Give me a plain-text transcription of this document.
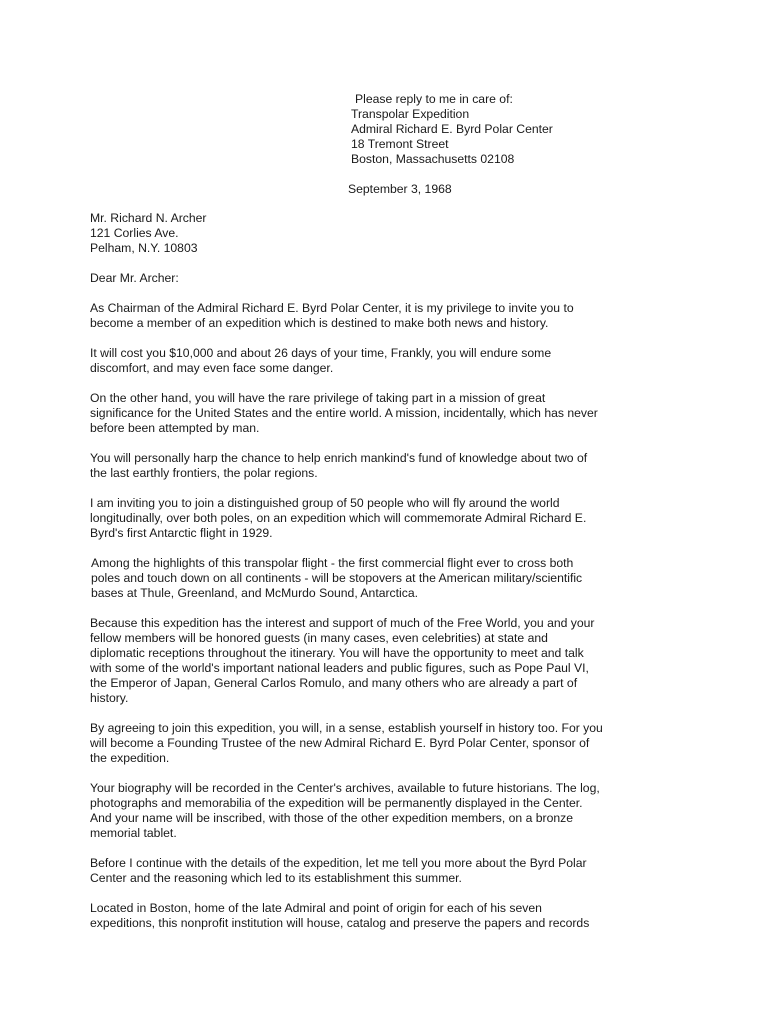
Please reply to me in care of:
Transpolar Expedition
Admiral Richard E. Byrd Polar Center
18 Tremont Street
Boston, Massachusetts 02108
September 3, 1968
Mr. Richard N. Archer
121 Corlies Ave.
Pelham, N.Y. 10803
Dear Mr. Archer:

As Chairman of the Admiral Richard E. Byrd Polar Center, it is my privilege to invite you to
become a member of an expedition which is destined to make both news and history.

It will cost you $10,000 and about 26 days of your time, Frankly, you will endure some
discomfort, and may even face some danger.

On the other hand, you will have the rare privilege of taking part in a mission of great
significance for the United States and the entire world. A mission, incidentally, which has never
before been attempted by man.

You will personally harp the chance to help enrich mankind's fund of knowledge about two of
the last earthly frontiers, the polar regions.

I am inviting you to join a distinguished group of 50 people who will fly around the world
longitudinally, over both poles, on an expedition which will commemorate Admiral Richard E.
Byrd's first Antarctic flight in 1929.

Among the highlights of this transpolar flight - the first commercial flight ever to cross both
poles and touch down on all continents - will be stopovers at the American military/scientific
bases at Thule, Greenland, and McMurdo Sound, Antarctica.

Because this expedition has the interest and support of much of the Free World, you and your
fellow members will be honored guests (in many cases, even celebrities) at state and
diplomatic receptions throughout the itinerary. You will have the opportunity to meet and talk
with some of the world's important national leaders and public figures, such as Pope Paul VI,
the Emperor of Japan, General Carlos Romulo, and many others who are already a part of
history.

By agreeing to join this expedition, you will, in a sense, establish yourself in history too. For you
will become a Founding Trustee of the new Admiral Richard E. Byrd Polar Center, sponsor of
the expedition.

Your biography will be recorded in the Center's archives, available to future historians. The log,
photographs and memorabilia of the expedition will be permanently displayed in the Center.
And your name will be inscribed, with those of the other expedition members, on a bronze
memorial tablet.

Before I continue with the details of the expedition, let me tell you more about the Byrd Polar
Center and the reasoning which led to its establishment this summer.

Located in Boston, home of the late Admiral and point of origin for each of his seven
expeditions, this nonprofit institution will house, catalog and preserve the papers and records
